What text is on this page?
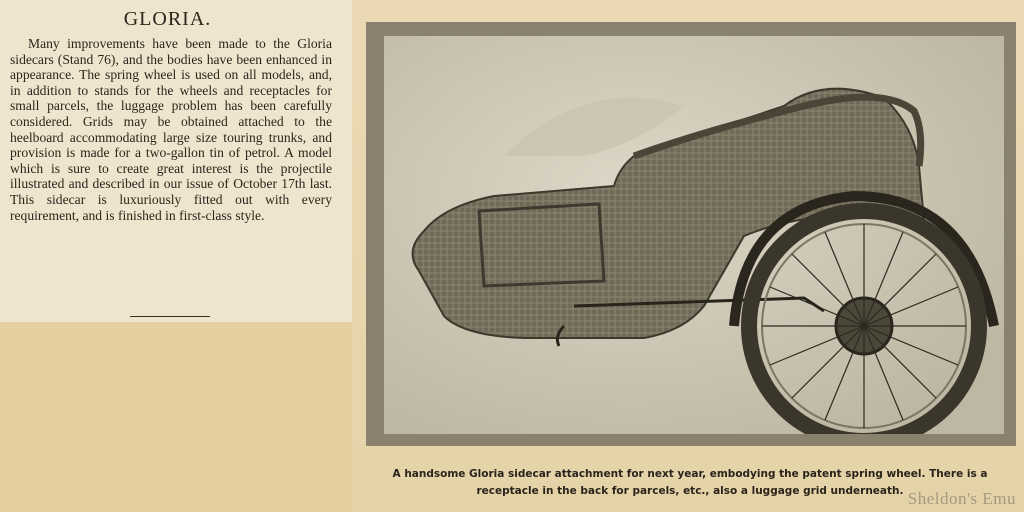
GLORIA.

Many improvements have been made to the Gloria sidecars (Stand 76), and the bodies have been enhanced in appearance. The spring wheel is used on all models, and, in addition to stands for the wheels and receptacles for small parcels, the luggage problem has been carefully considered. Grids may be obtained attached to the heelboard accommodating large size touring trunks, and provision is made for a two-gallon tin of petrol. A model which is sure to create great interest is the projectile illustrated and described in our issue of October 17th last. This sidecar is luxuriously fitted out with every requirement, and is finished in first-class style.

A handsome Gloria sidecar attachment for next year, embodying the patent spring wheel. There is a
receptacle in the back for parcels, etc., also a luggage grid underneath. Sheldon's Emu
